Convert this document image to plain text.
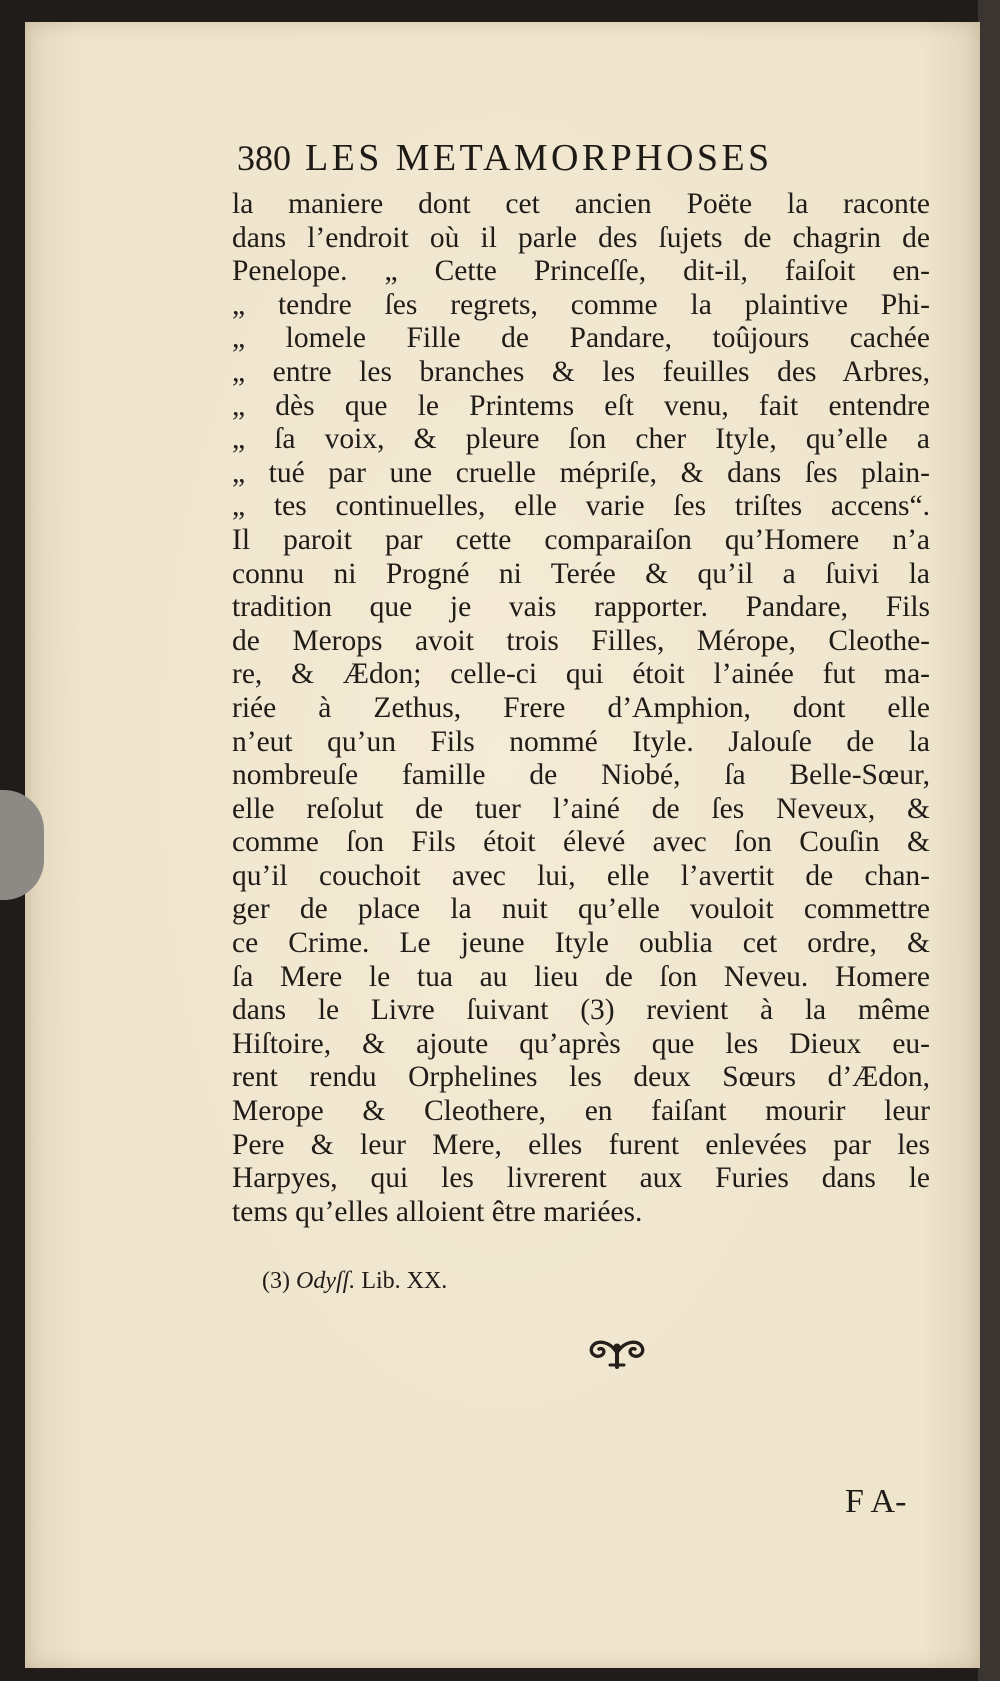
380 LES METAMORPHOSES
la maniere dont cet ancien Poëte la raconte
dans l’endroit où il parle des ſujets de chagrin de
Penelope. „ Cette Princeſſe, dit-il, faiſoit en-
„ tendre ſes regrets, comme la plaintive Phi-
„ lomele Fille de Pandare, toûjours cachée
„ entre les branches & les feuilles des Arbres,
„ dès que le Printems eſt venu, fait entendre
„ ſa voix, & pleure ſon cher Ityle, qu’elle a
„ tué par une cruelle mépriſe, & dans ſes plain-
„ tes continuelles, elle varie ſes triſtes accens“.
Il paroit par cette comparaiſon qu’Homere n’a
connu ni Progné ni Terée & qu’il a ſuivi la
tradition que je vais rapporter. Pandare, Fils
de Merops avoit trois Filles, Mérope, Cleothe-
re, & Ædon; celle-ci qui étoit l’ainée fut ma-
riée à Zethus, Frere d’Amphion, dont elle
n’eut qu’un Fils nommé Ityle. Jalouſe de la
nombreuſe famille de Niobé, ſa Belle-Sœur,
elle reſolut de tuer l’ainé de ſes Neveux, &
comme ſon Fils étoit élevé avec ſon Couſin &
qu’il couchoit avec lui, elle l’avertit de chan-
ger de place la nuit qu’elle vouloit commettre
ce Crime. Le jeune Ityle oublia cet ordre, &
ſa Mere le tua au lieu de ſon Neveu. Homere
dans le Livre ſuivant (3) revient à la même
Hiſtoire, & ajoute qu’après que les Dieux eu-
rent rendu Orphelines les deux Sœurs d’Ædon,
Merope & Cleothere, en faiſant mourir leur
Pere & leur Mere, elles furent enlevées par les
Harpyes, qui les livrerent aux Furies dans le
tems qu’elles alloient être mariées.
(3) Odyſſ. Lib. XX.
F A-
